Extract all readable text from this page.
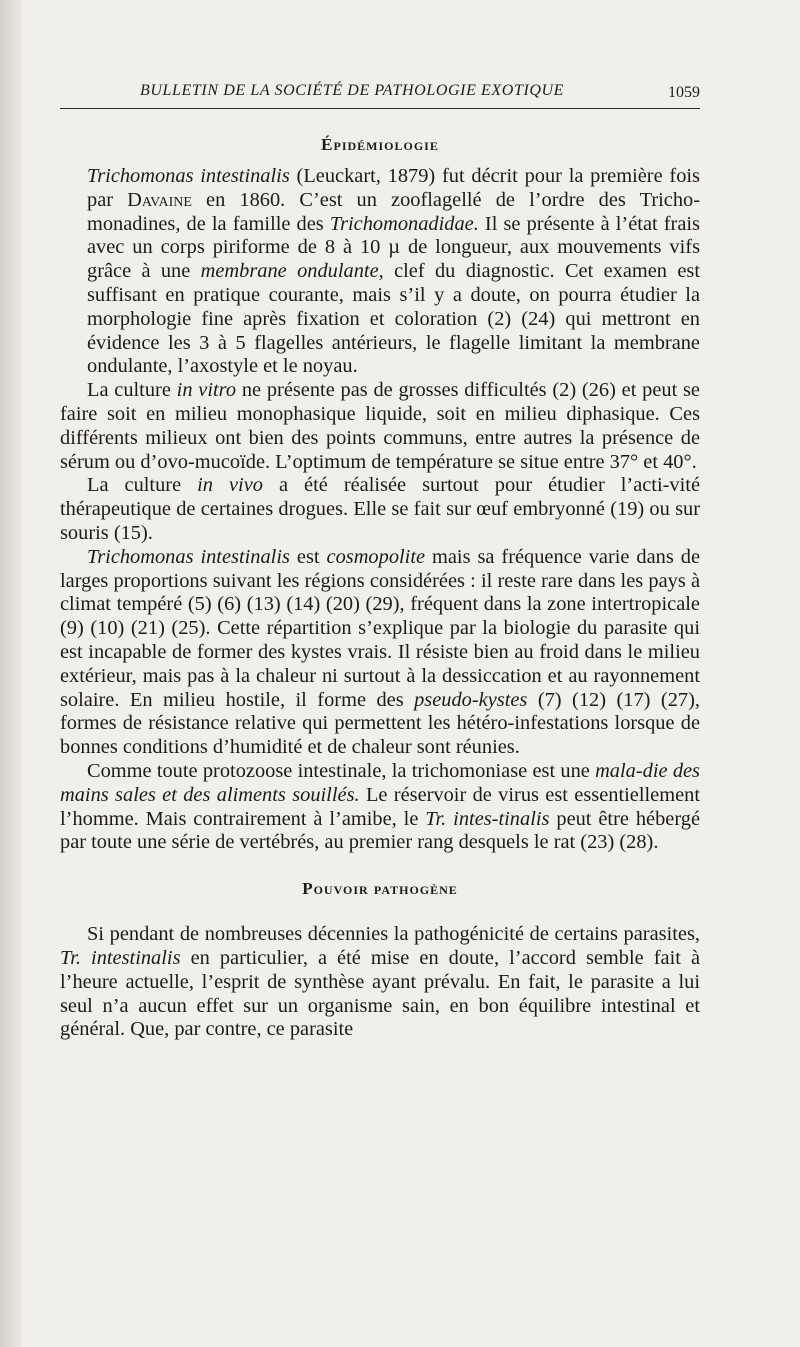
BULLETIN DE LA SOCIÉTÉ DE PATHOLOGIE EXOTIQUE	1059
Épidémiologie

Trichomonas intestinalis (Leuckart, 1879) fut décrit pour la première fois par Davaine en 1860. C’est un zooflagellé de l’ordre des Tricho-monadines, de la famille des Trichomonadidae. Il se présente à l’état frais avec un corps piriforme de 8 à 10 µ de longueur, aux mouvements vifs grâce à une membrane ondulante, clef du diagnostic. Cet examen est suffisant en pratique courante, mais s’il y a doute, on pourra étudier la morphologie fine après fixation et coloration (2) (24) qui mettront en évidence les 3 à 5 flagelles antérieurs, le flagelle limitant la membrane ondulante, l’axostyle et le noyau.

La culture in vitro ne présente pas de grosses difficultés (2) (26) et peut se faire soit en milieu monophasique liquide, soit en milieu diphasique. Ces différents milieux ont bien des points communs, entre autres la présence de sérum ou d’ovo-mucoïde. L’optimum de température se situe entre 37° et 40°.

La culture in vivo a été réalisée surtout pour étudier l’acti-vité thérapeutique de certaines drogues. Elle se fait sur œuf embryonné (19) ou sur souris (15).

Trichomonas intestinalis est cosmopolite mais sa fréquence varie dans de larges proportions suivant les régions considérées : il reste rare dans les pays à climat tempéré (5) (6) (13) (14) (20) (29), fréquent dans la zone intertropicale (9) (10) (21) (25). Cette répartition s’explique par la biologie du parasite qui est incapable de former des kystes vrais. Il résiste bien au froid dans le milieu extérieur, mais pas à la chaleur ni surtout à la dessiccation et au rayonnement solaire. En milieu hostile, il forme des pseudo-kystes (7) (12) (17) (27), formes de résistance relative qui permettent les hétéro-infestations lorsque de bonnes conditions d’humidité et de chaleur sont réunies.

Comme toute protozoose intestinale, la trichomoniase est une mala-die des mains sales et des aliments souillés. Le réservoir de virus est essentiellement l’homme. Mais contrairement à l’amibe, le Tr. intes-tinalis peut être hébergé par toute une série de vertébrés, au premier rang desquels le rat (23) (28).

Pouvoir pathogène

Si pendant de nombreuses décennies la pathogénicité de certains parasites, Tr. intestinalis en particulier, a été mise en doute, l’accord semble fait à l’heure actuelle, l’esprit de synthèse ayant prévalu. En fait, le parasite a lui seul n’a aucun effet sur un organisme sain, en bon équilibre intestinal et général. Que, par contre, ce parasite
